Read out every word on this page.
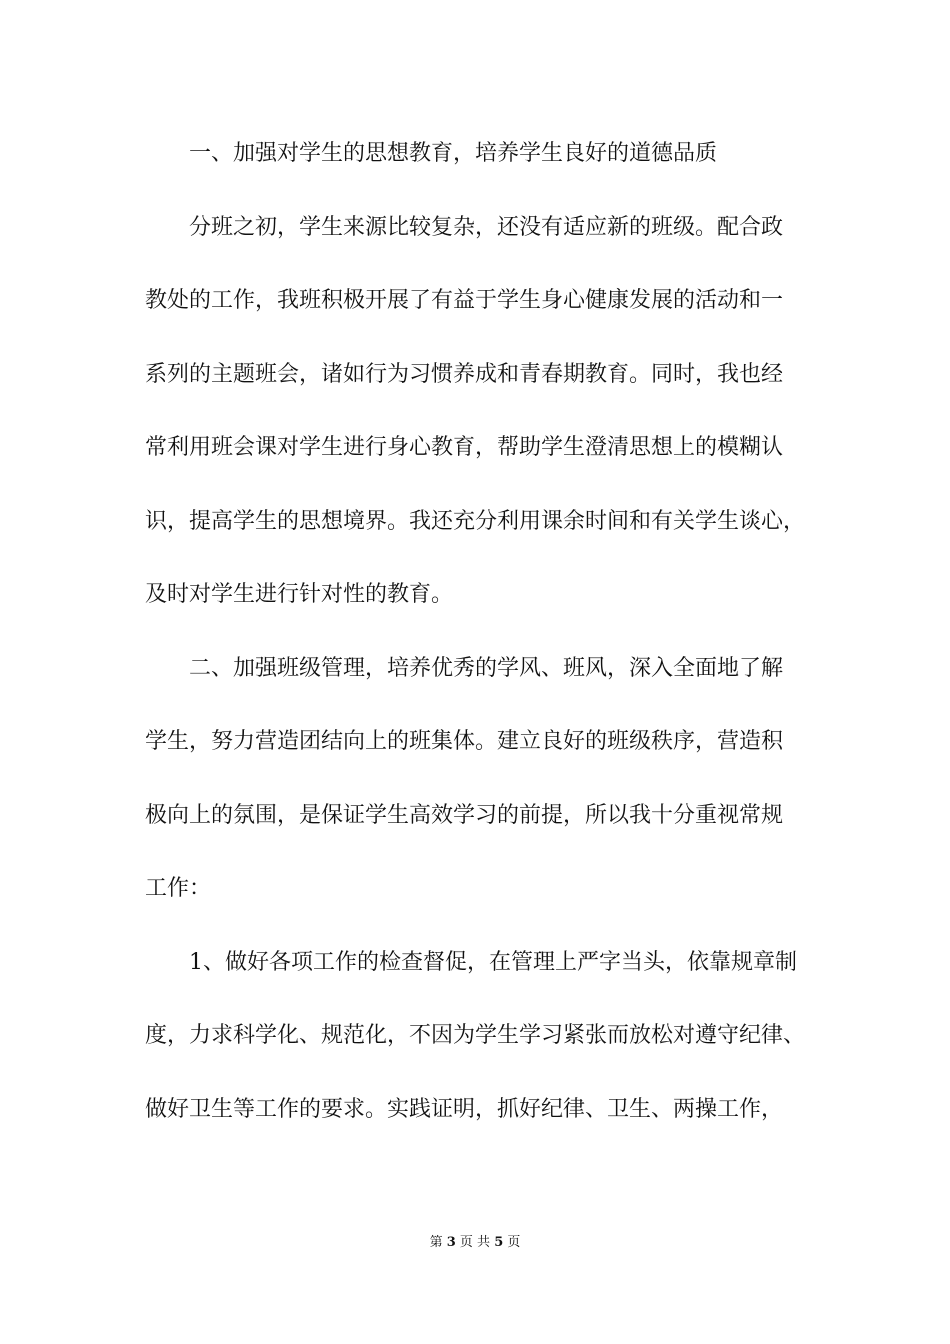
一、加强对学生的思想教育，培养学生良好的道德品质
分班之初，学生来源比较复杂，还没有适应新的班级。配合政
教处的工作，我班积极开展了有益于学生身心健康发展的活动和一
系列的主题班会，诸如行为习惯养成和青春期教育。同时，我也经
常利用班会课对学生进行身心教育，帮助学生澄清思想上的模糊认
识，提高学生的思想境界。我还充分利用课余时间和有关学生谈心，
及时对学生进行针对性的教育。
二、加强班级管理，培养优秀的学风、班风，深入全面地了解
学生，努力营造团结向上的班集体。建立良好的班级秩序，营造积
极向上的氛围，是保证学生高效学习的前提，所以我十分重视常规
工作：
1、做好各项工作的检查督促，在管理上严字当头，依靠规章制
度，力求科学化、规范化，不因为学生学习紧张而放松对遵守纪律、
做好卫生等工作的要求。实践证明，抓好纪律、卫生、两操工作，
第 3 页 共 5 页
